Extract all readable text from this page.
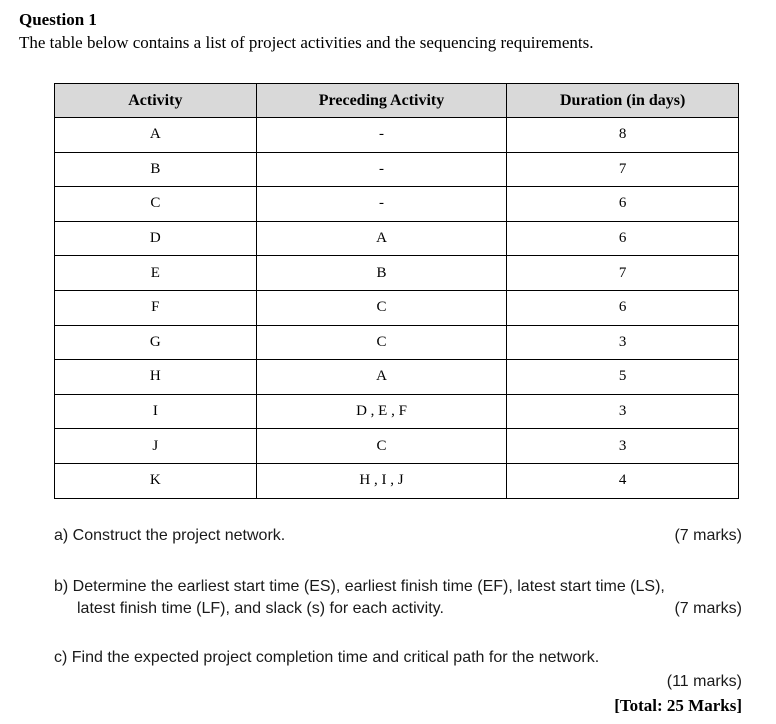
Question 1
The table below contains a list of project activities and the sequencing requirements.
Activity	Preceding Activity	Duration (in days)
A	-	8
B	-	7
C	-	6
D	A	6
E	B	7
F	C	6
G	C	3
H	A	5
I	D , E , F	3
J	C	3
K	H , I , J	4
a) Construct the project network.	(7 marks)
b) Determine the earliest start time (ES), earliest finish time (EF), latest start time (LS),
latest finish time (LF), and slack (s) for each activity.	(7 marks)
c) Find the expected project completion time and critical path for the network.
(11 marks)
[Total: 25 Marks]
